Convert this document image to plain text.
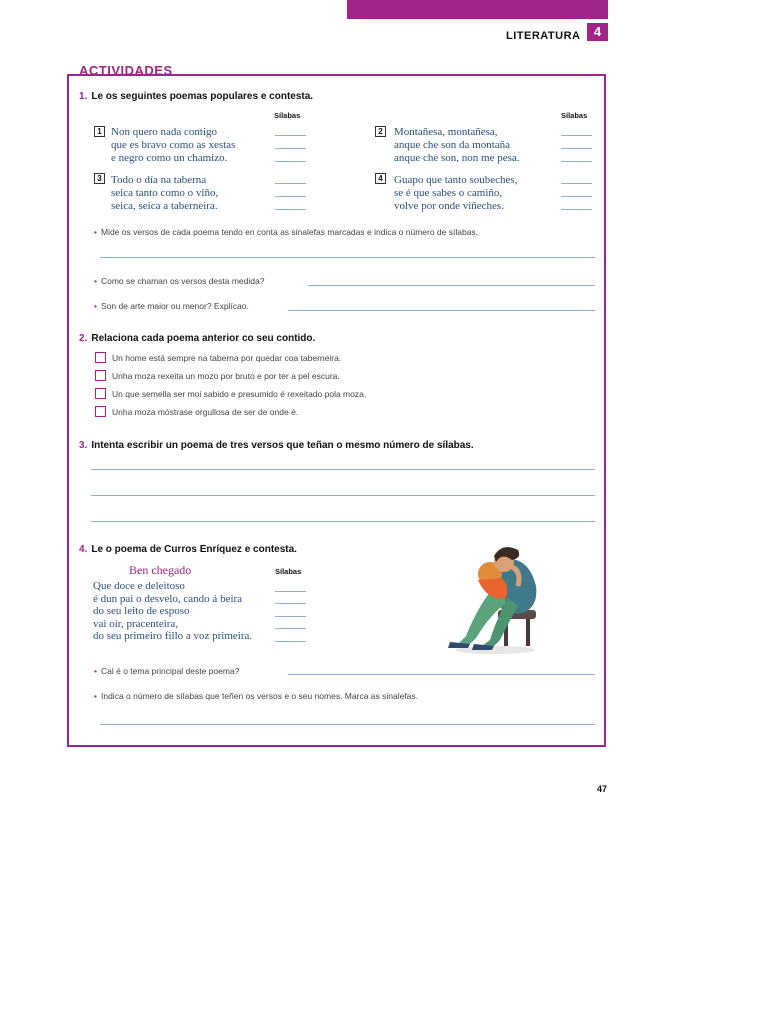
LITERATURA	4
ACTIVIDADES
1. Le os seguintes poemas populares e contesta.
Sílabas	Sílabas
1 Non quero nada contigo
que es bravo como as xestas
e negro como un chamizo.
2 Montañesa, montañesa,
anque che son da montaña
anque che son, non me pesa.
3 Todo o día na taberna
seica tanto como o viño,
seica, seica a taberneira.
4 Guapo que tanto soubeches,
se é que sabes o camiño,
volve por onde viñeches.
• Mide os versos de cada poema tendo en conta as sinalefas marcadas e indica o número de sílabas.
• Como se chaman os versos desta medida?
• Son de arte maior ou menor? Explícao.
2. Relaciona cada poema anterior co seu contido.
Un home está sempre na taberna por quedar coa taberneira.
Unha moza rexeita un mozo por bruto e por ter a pel escura.
Un que semella ser moi sabido e presumido é rexeitado pola moza.
Unha moza móstrase orgullosa de ser de onde é.
3. Intenta escribir un poema de tres versos que teñan o mesmo número de sílabas.
4. Le o poema de Curros Enríquez e contesta.
Ben chegado	Sílabas
Que doce e deleitoso
é dun pai o desvelo, cando á beira
do seu leito de esposo
vai oír, pracenteira,
do seu primeiro fillo a voz primeira.
• Cal é o tema principal deste poema?
• Indica o número de sílabas que teñen os versos e o seu nomes. Marca as sinalefas.
47
